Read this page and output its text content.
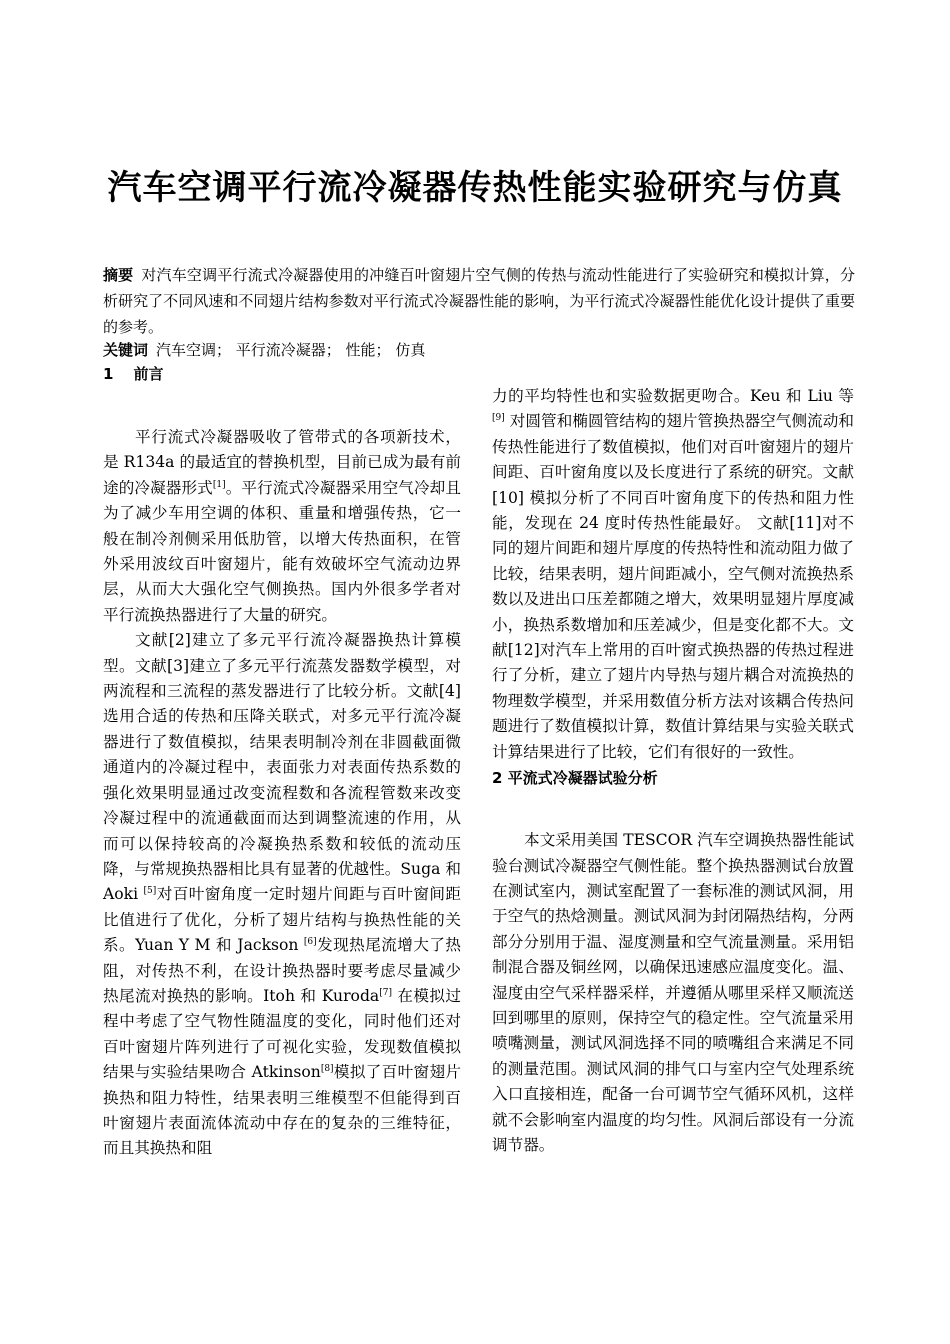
汽车空调平行流冷凝器传热性能实验研究与仿真

摘要 对汽车空调平行流式冷凝器使用的冲缝百叶窗翅片空气侧的传热与流动性能进行了实验研究和模拟计算，分析研究了不同风速和不同翅片结构参数对平行流式冷凝器性能的影响，为平行流式冷凝器性能优化设计提供了重要的参考。

关键词 汽车空调； 平行流冷凝器； 性能； 仿真

1 前言

平行流式冷凝器吸收了管带式的各项新技术，是 R134a 的最适宜的替换机型，目前已成为最有前途的冷凝器形式[1]。平行流式冷凝器采用空气冷却且为了减少车用空调的体积、重量和增强传热，它一般在制冷剂侧采用低肋管，以增大传热面积，在管外采用波纹百叶窗翅片，能有效破坏空气流动边界层，从而大大强化空气侧换热。国内外很多学者对平行流换热器进行了大量的研究。

文献[2]建立了多元平行流冷凝器换热计算模型。文献[3]建立了多元平行流蒸发器数学模型，对两流程和三流程的蒸发器进行了比较分析。文献[4]选用合适的传热和压降关联式，对多元平行流冷凝器进行了数值模拟，结果表明制冷剂在非圆截面微通道内的冷凝过程中，表面张力对表面传热系数的强化效果明显通过改变流程数和各流程管数来改变冷凝过程中的流通截面而达到调整流速的作用，从而可以保持较高的冷凝换热系数和较低的流动压降，与常规换热器相比具有显著的优越性。Suga 和 Aoki [5]对百叶窗角度一定时翅片间距与百叶窗间距比值进行了优化，分析了翅片结构与换热性能的关系。Yuan Y M 和 Jackson [6]发现热尾流增大了热阻，对传热不利，在设计换热器时要考虑尽量减少热尾流对换热的影响。Itoh 和 Kuroda[7] 在模拟过程中考虑了空气物性随温度的变化，同时他们还对百叶窗翅片阵列进行了可视化实验，发现数值模拟结果与实验结果吻合 Atkinson[8]模拟了百叶窗翅片换热和阻力特性，结果表明三维模型不但能得到百叶窗翅片表面流体流动中存在的复杂的三维特征，而且其换热和阻

力的平均特性也和实验数据更吻合。Keu 和 Liu 等[9] 对圆管和椭圆管结构的翅片管换热器空气侧流动和传热性能进行了数值模拟，他们对百叶窗翅片的翅片间距、百叶窗角度以及长度进行了系统的研究。文献[10] 模拟分析了不同百叶窗角度下的传热和阻力性能，发现在 24 度时传热性能最好。 文献[11]对不同的翅片间距和翅片厚度的传热特性和流动阻力做了比较，结果表明，翅片间距减小，空气侧对流换热系数以及进出口压差都随之增大，效果明显翅片厚度减小，换热系数增加和压差减少，但是变化都不大。文献[12]对汽车上常用的百叶窗式换热器的传热过程进行了分析，建立了翅片内导热与翅片耦合对流换热的物理数学模型，并采用数值分析方法对该耦合传热问题进行了数值模拟计算，数值计算结果与实验关联式计算结果进行了比较，它们有很好的一致性。

2 平流式冷凝器试验分析

本文采用美国 TESCOR 汽车空调换热器性能试验台测试冷凝器空气侧性能。整个换热器测试台放置在测试室内，测试室配置了一套标准的测试风洞，用于空气的热焓测量。测试风洞为封闭隔热结构，分两部分分别用于温、湿度测量和空气流量测量。采用铝制混合器及铜丝网，以确保迅速感应温度变化。温、湿度由空气采样器采样，并遵循从哪里采样又顺流送回到哪里的原则，保持空气的稳定性。空气流量采用喷嘴测量，测试风洞选择不同的喷嘴组合来满足不同的测量范围。测试风洞的排气口与室内空气处理系统入口直接相连，配备一台可调节空气循环风机，这样就不会影响室内温度的均匀性。风洞后部设有一分流调节器。
